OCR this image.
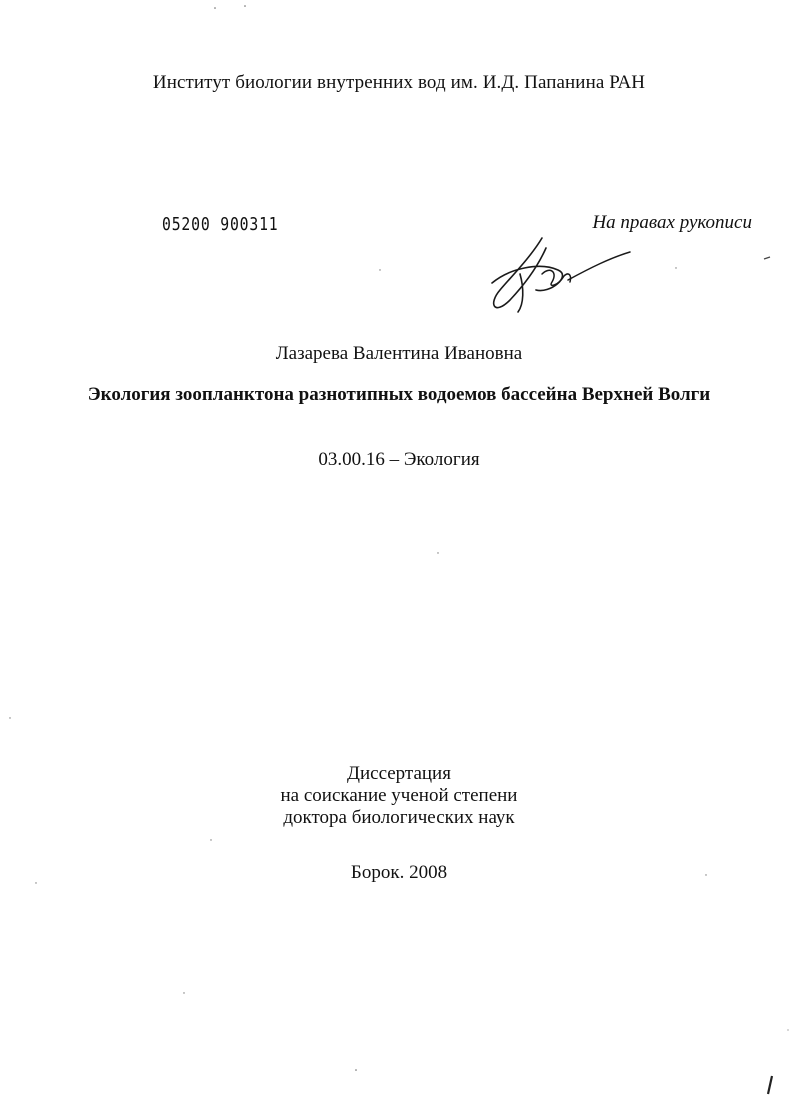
Институт биологии внутренних вод им. И.Д. Папанина РАН
05200 900311	На правах рукописи
Лазарева Валентина Ивановна
Экология зоопланктона разнотипных водоемов бассейна Верхней Волги
03.00.16 – Экология
Диссертация
на соискание ученой степени
доктора биологических наук
Борок. 2008
